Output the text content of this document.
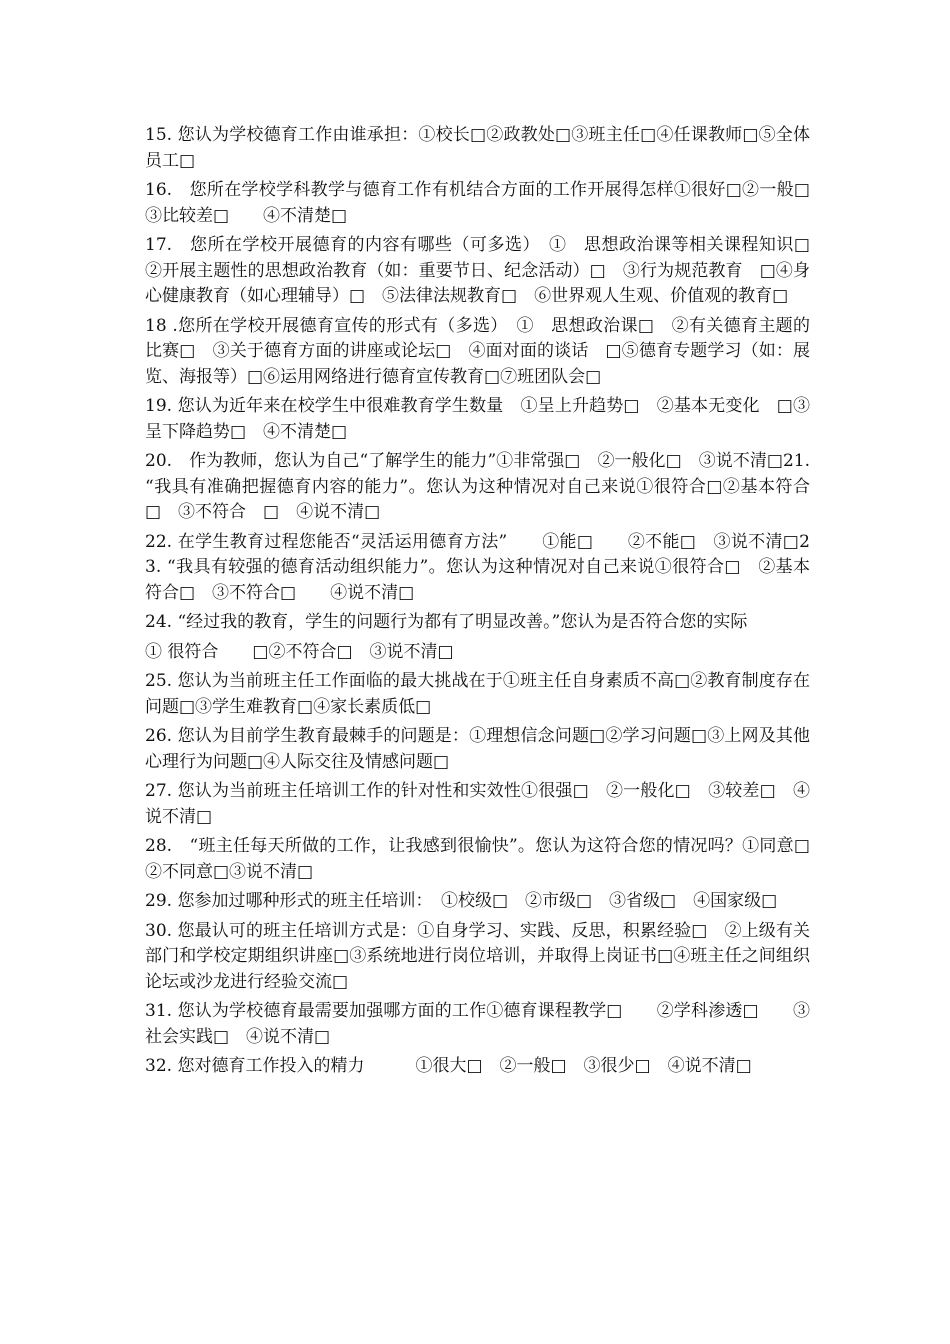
15. 您认为学校德育工作由谁承担：①校长□②政教处□③班主任□④任课教师□⑤全体员工□

16.　您所在学校学科教学与德育工作有机结合方面的工作开展得怎样①很好□②一般□③比较差□　　④不清楚□

17.　您所在学校开展德育的内容有哪些（可多选）　①　思想政治课等相关课程知识□　②开展主题性的思想政治教育（如：重要节日、纪念活动）□　③行为规范教育　□④身心健康教育（如心理辅导）□　⑤法律法规教育□　⑥世界观人生观、价值观的教育□

18 .您所在学校开展德育宣传的形式有（多选）　①　思想政治课□　②有关德育主题的比赛□　③关于德育方面的讲座或论坛□　④面对面的谈话　□⑤德育专题学习（如：展览、海报等）□⑥运用网络进行德育宣传教育□⑦班团队会□

19. 您认为近年来在校学生中很难教育学生数量　①呈上升趋势□　②基本无变化　□③呈下降趋势□　④不清楚□

20.　作为教师，您认为自己“了解学生的能力”①非常强□　②一般化□　③说不清□21. “我具有准确把握德育内容的能力”。您认为这种情况对自己来说①很符合□②基本符合　□　③不符合　□　④说不清□

22. 在学生教育过程您能否“灵活运用德育方法”　　①能□　　②不能□　③说不清□23. “我具有较强的德育活动组织能力”。您认为这种情况对自己来说①很符合□　②基本符合□　③不符合□　　④说不清□

24. “经过我的教育，学生的问题行为都有了明显改善。”您认为是否符合您的实际

① 很符合　　□②不符合□　③说不清□

25. 您认为当前班主任工作面临的最大挑战在于①班主任自身素质不高□②教育制度存在问题□③学生难教育□④家长素质低□

26. 您认为目前学生教育最棘手的问题是：①理想信念问题□②学习问题□③上网及其他心理行为问题□④人际交往及情感问题□

27. 您认为当前班主任培训工作的针对性和实效性①很强□　②一般化□　③较差□　④说不清□

28.　“班主任每天所做的工作，让我感到很愉快”。您认为这符合您的情况吗？①同意□②不同意□③说不清□

29. 您参加过哪种形式的班主任培训：　①校级□　②市级□　③省级□　④国家级□

30. 您最认可的班主任培训方式是：①自身学习、实践、反思，积累经验□　②上级有关部门和学校定期组织讲座□③系统地进行岗位培训，并取得上岗证书□④班主任之间组织论坛或沙龙进行经验交流□

31. 您认为学校德育最需要加强哪方面的工作①德育课程教学□　　②学科渗透□　　③社会实践□　④说不清□

32. 您对德育工作投入的精力　　　①很大□　②一般□　③很少□　④说不清□
